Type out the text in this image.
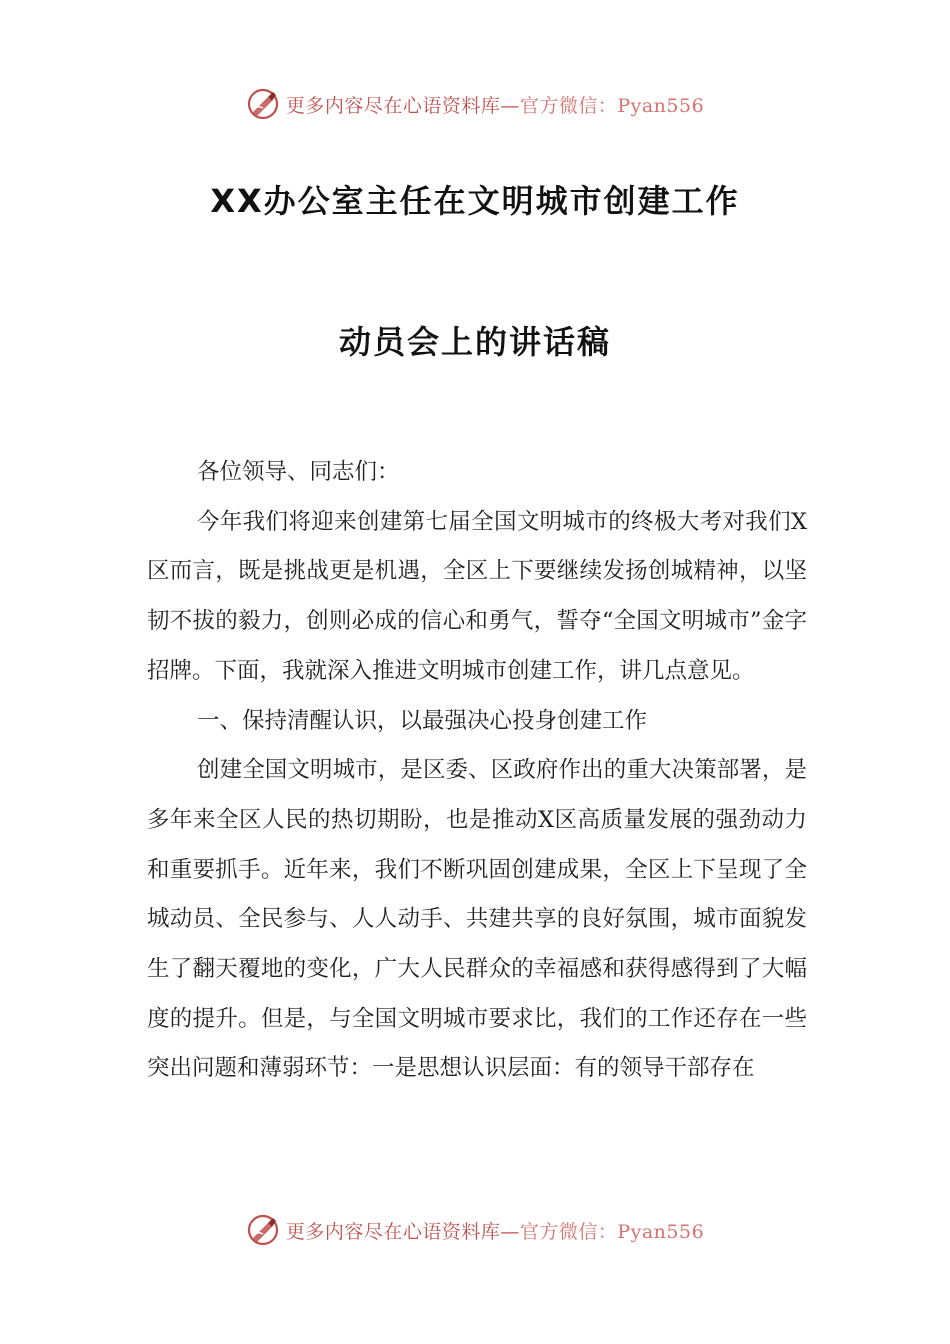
更多内容尽在心语资料库—官方微信：Pyan556
XX办公室主任在文明城市创建工作
动员会上的讲话稿

各位领导、同志们：

今年我们将迎来创建第七届全国文明城市的终极大考对我们X区而言，既是挑战更是机遇，全区上下要继续发扬创城精神，以坚韧不拔的毅力，创则必成的信心和勇气，誓夺“全国文明城市”金字招牌。下面，我就深入推进文明城市创建工作，讲几点意见。

一、保持清醒认识，以最强决心投身创建工作

创建全国文明城市，是区委、区政府作出的重大决策部署，是多年来全区人民的热切期盼，也是推动X区高质量发展的强劲动力和重要抓手。近年来，我们不断巩固创建成果，全区上下呈现了全城动员、全民参与、人人动手、共建共享的良好氛围，城市面貌发生了翻天覆地的变化，广大人民群众的幸福感和获得感得到了大幅度的提升。但是，与全国文明城市要求比，我们的工作还存在一些突出问题和薄弱环节：一是思想认识层面：有的领导干部存在

更多内容尽在心语资料库—官方微信：Pyan556
